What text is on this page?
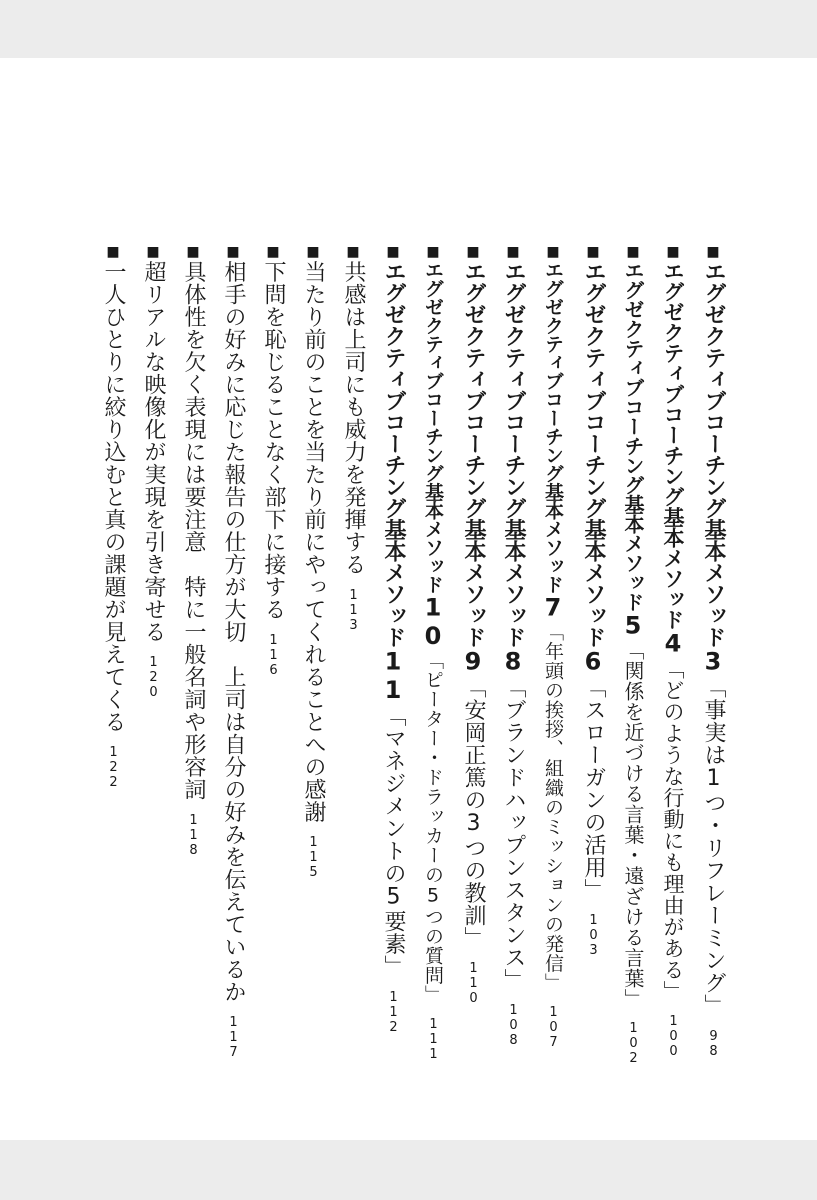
■エグゼクティブコーチング基本メソッド3「事実は1つ・リフレーミング」98
■エグゼクティブコーチング基本メソッド4「どのような行動にも理由がある」100
■エグゼクティブコーチング基本メソッド5「関係を近づける言葉・遠ざける言葉」102
■エグゼクティブコーチング基本メソッド6「スローガンの活用」103
■エグゼクティブコーチング基本メソッド7「年頭の挨拶、組織のミッションの発信」107
■エグゼクティブコーチング基本メソッド8「ブランドハップンスタンス」108
■エグゼクティブコーチング基本メソッド9「安岡正篤の3つの教訓」110
■エグゼクティブコーチング基本メソッド10「ピーター・ドラッカーの5つの質問」111
■エグゼクティブコーチング基本メソッド11「マネジメントの5要素」112
■共感は上司にも威力を発揮する113
■当たり前のことを当たり前にやってくれることへの感謝115
■下問を恥じることなく部下に接する116
■相手の好みに応じた報告の仕方が大切　上司は自分の好みを伝えているか117
■具体性を欠く表現には要注意　特に一般名詞や形容詞118
■超リアルな映像化が実現を引き寄せる120
■一人ひとりに絞り込むと真の課題が見えてくる122
